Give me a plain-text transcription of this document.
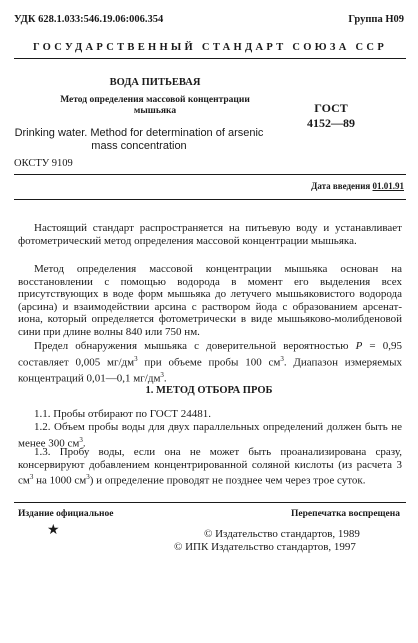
УДК 628.1.033:546.19.06:006.354	Группа Н09
ГОСУДАРСТВЕННЫЙ СТАНДАРТ СОЮЗА ССР
ВОДА ПИТЬЕВАЯ
Метод определения массовой концентрации мышьяка
Drinking water. Method for determination of arsenic mass concentration
ОКСТУ 9109
ГОСТ
4152—89
Дата введения 01.01.91

Настоящий стандарт распространяется на питьевую воду и устанавливает фотометрический метод определения массовой концентрации мышьяка.

Метод определения массовой концентрации мышьяка основан на восстановлении с помощью водорода в момент его выделения всех присутствующих в воде форм мышьяка до летучего мышьяковистого водорода (арсина) и взаимодействии арсина с раствором йода с образованием арсенат-иона, который определяется фотометрически в виде мышьяково-молибденовой сини при длине волны 840 или 750 нм.

Предел обнаружения мышьяка с доверительной вероятностью P = 0,95 составляет 0,005 $мг/дм^3$ при объеме пробы 100 $см^3$. Диапазон измеряемых концентраций 0,01—0,1 $мг/дм^3$.

1. МЕТОД ОТБОРА ПРОБ

1.1. Пробы отбирают по ГОСТ 24481.

1.2. Объем пробы воды для двух параллельных определений должен быть не менее 300 $см^3$.

1.3. Пробу воды, если она не может быть проанализирована сразу, консервируют добавлением концентрированной соляной кислоты (из расчета 3 $см^3$ на 1000 $см^3$) и определение проводят не позднее чем через трое суток.

Издание официальное	Перепечатка воспрещена
★	© Издательство стандартов, 1989
© ИПК Издательство стандартов, 1997
